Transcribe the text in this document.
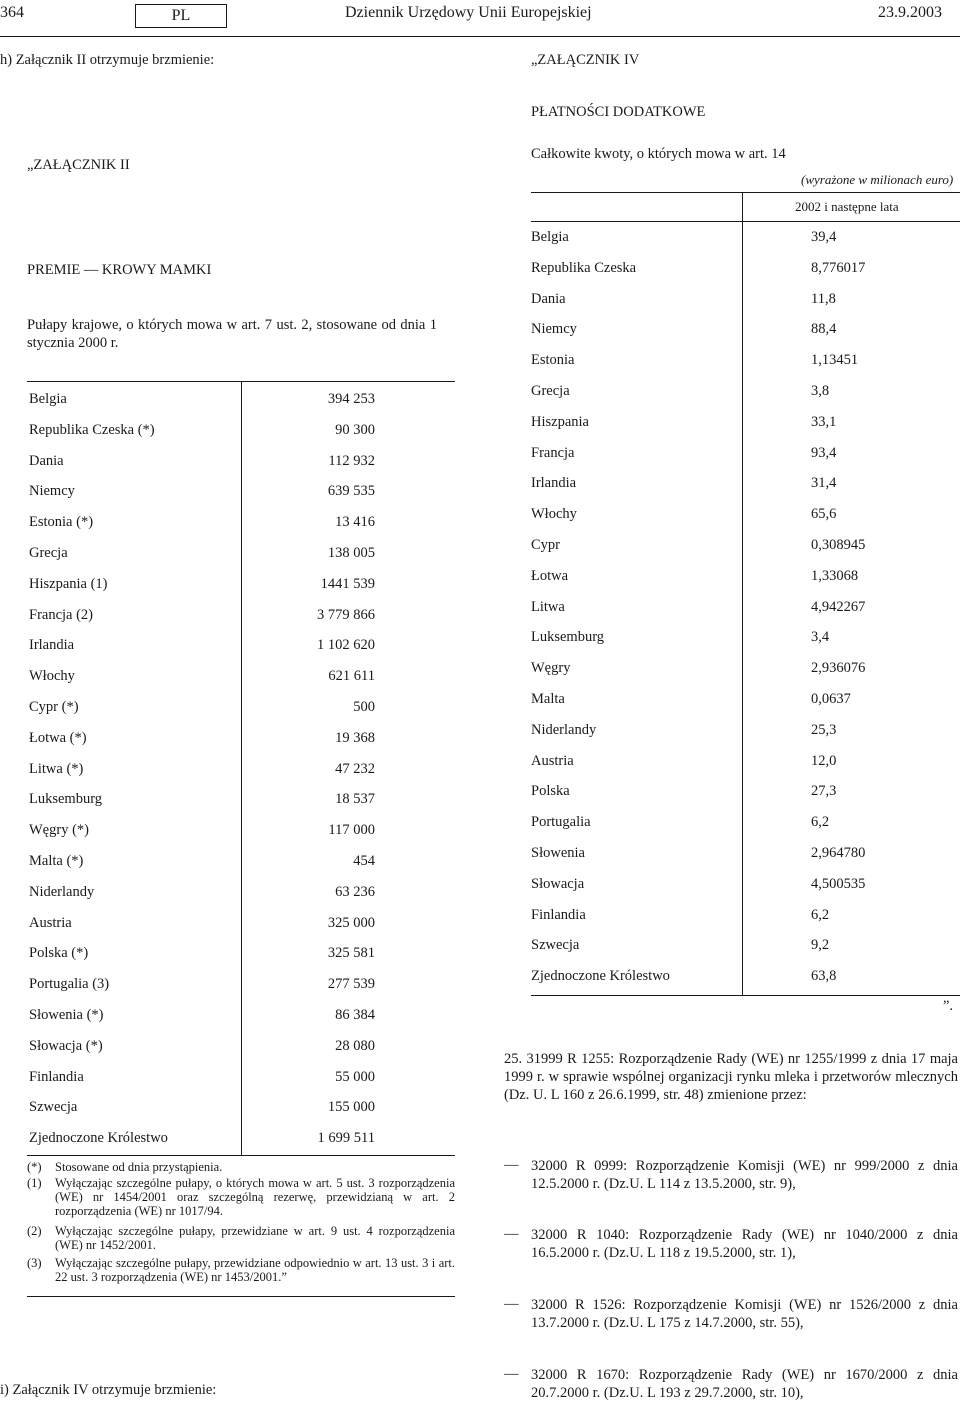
364	PL	Dziennik Urzędowy Unii Europejskiej	23.9.2003
h) Załącznik II otrzymuje brzmienie:
„ZAŁĄCZNIK II
PREMIE — KROWY MAMKI
Pułapy krajowe, o których mowa w art. 7 ust. 2, stosowane od dnia 1 stycznia 2000 r.
Belgia	394 253
Republika Czeska (*)	90 300
Dania	112 932
Niemcy	639 535
Estonia (*)	13 416
Grecja	138 005
Hiszpania (1)	1441 539
Francja (2)	3 779 866
Irlandia	1 102 620
Włochy	621 611
Cypr (*)	500
Łotwa (*)	19 368
Litwa (*)	47 232
Luksemburg	18 537
Węgry (*)	117 000
Malta (*)	454
Niderlandy	63 236
Austria	325 000
Polska (*)	325 581
Portugalia (3)	277 539
Słowenia (*)	86 384
Słowacja (*)	28 080
Finlandia	55 000
Szwecja	155 000
Zjednoczone Królestwo	1 699 511
(*) Stosowane od dnia przystąpienia.
(1) Wyłączając szczególne pułapy, o których mowa w art. 5 ust. 3 rozporządzenia (WE) nr 1454/2001 oraz szczególną rezerwę, przewidzianą w art. 2 rozporządzenia (WE) nr 1017/94.
(2) Wyłączając szczególne pułapy, przewidziane w art. 9 ust. 4 rozporządzenia (WE) nr 1452/2001.
(3) Wyłączając szczególne pułapy, przewidziane odpowiednio w art. 13 ust. 3 i art. 22 ust. 3 rozporządzenia (WE) nr 1453/2001.”
i) Załącznik IV otrzymuje brzmienie:
„ZAŁĄCZNIK IV
PŁATNOŚCI DODATKOWE
Całkowite kwoty, o których mowa w art. 14
(wyrażone w milionach euro)
2002 i następne lata
Belgia	39,4
Republika Czeska	8,776017
Dania	11,8
Niemcy	88,4
Estonia	1,13451
Grecja	3,8
Hiszpania	33,1
Francja	93,4
Irlandia	31,4
Włochy	65,6
Cypr	0,308945
Łotwa	1,33068
Litwa	4,942267
Luksemburg	3,4
Węgry	2,936076
Malta	0,0637
Niderlandy	25,3
Austria	12,0
Polska	27,3
Portugalia	6,2
Słowenia	2,964780
Słowacja	4,500535
Finlandia	6,2
Szwecja	9,2
Zjednoczone Królestwo	63,8
”.
25. 31999 R 1255: Rozporządzenie Rady (WE) nr 1255/1999 z dnia 17 maja 1999 r. w sprawie wspólnej organizacji rynku mleka i przetworów mlecznych (Dz. U. L 160 z 26.6.1999, str. 48) zmienione przez:
— 32000 R 0999: Rozporządzenie Komisji (WE) nr 999/2000 z dnia 12.5.2000 r. (Dz.U. L 114 z 13.5.2000, str. 9),
— 32000 R 1040: Rozporządzenie Rady (WE) nr 1040/2000 z dnia 16.5.2000 r. (Dz.U. L 118 z 19.5.2000, str. 1),
— 32000 R 1526: Rozporządzenie Komisji (WE) nr 1526/2000 z dnia 13.7.2000 r. (Dz.U. L 175 z 14.7.2000, str. 55),
— 32000 R 1670: Rozporządzenie Rady (WE) nr 1670/2000 z dnia 20.7.2000 r. (Dz.U. L 193 z 29.7.2000, str. 10),
